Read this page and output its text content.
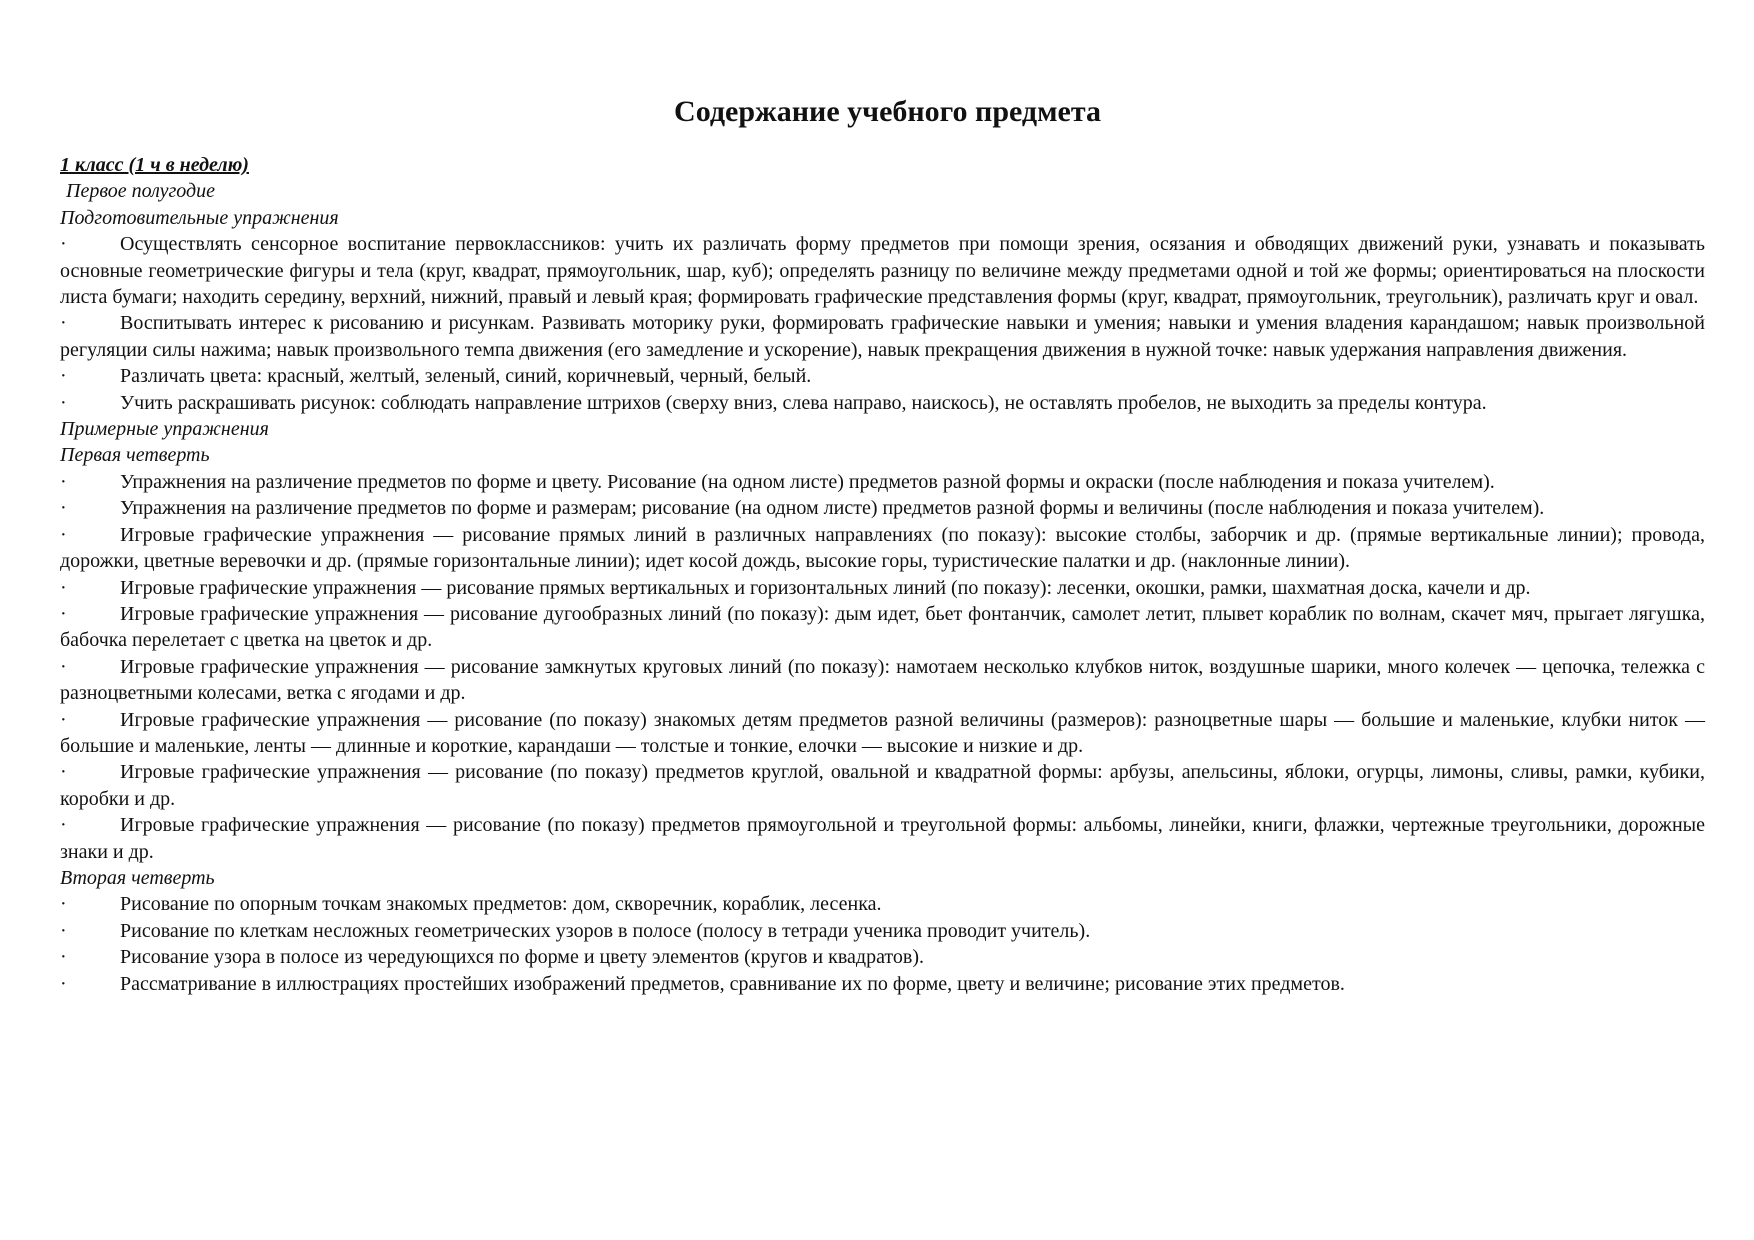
Содержание учебного предмета

1 класс (1 ч в неделю)

Первое полугодие

Подготовительные упражнения

·	Осуществлять сенсорное воспитание первоклассников: учить их различать форму предметов при помощи зрения, осязания и обводящих движений руки, узнавать и показывать основные геометрические фигуры и тела (круг, квадрат, прямоугольник, шар, куб); определять разницу по величине между предметами одной и той же формы; ориентироваться на плоскости листа бумаги; находить середину, верхний, нижний, правый и левый края; формировать графические представления формы (круг, квадрат, прямоугольник, треугольник), различать круг и овал.

·	Воспитывать интерес к рисованию и рисункам. Развивать моторику руки, формировать графические навыки и умения; навыки и умения владения карандашом; навык произвольной регуляции силы нажима; навык произвольного темпа движения (его замедление и ускорение), навык прекращения движения в нужной точке: навык удержания направления движения.

·	Различать цвета: красный, желтый, зеленый, синий, коричневый, черный, белый.

·	Учить раскрашивать рисунок: соблюдать направление штрихов (сверху вниз, слева направо, наискось), не оставлять пробелов, не выходить за пределы контура.

Примерные упражнения

Первая четверть

·	Упражнения на различение предметов по форме и цвету. Рисование (на одном листе) предметов разной формы и окраски (после наблюдения и показа учителем).

·	Упражнения на различение предметов по форме и размерам; рисование (на одном листе) предметов разной формы и величины (после наблюдения и показа учителем).

·	Игровые графические упражнения — рисование прямых линий в различных направлениях (по показу): высокие столбы, заборчик и др. (прямые вертикальные линии); провода, дорожки, цветные веревочки и др. (прямые горизонтальные линии); идет косой дождь, высокие горы, туристические палатки и др. (наклонные линии).

·	Игровые графические упражнения — рисование прямых вертикальных и горизонтальных линий (по показу): лесенки, окошки, рамки, шахматная доска, качели и др.

·	Игровые графические упражнения — рисование дугообразных линий (по показу): дым идет, бьет фонтанчик, самолет летит, плывет кораблик по волнам, скачет мяч, прыгает лягушка, бабочка перелетает с цветка на цветок и др.

·	Игровые графические упражнения — рисование замкнутых круговых линий (по показу): намотаем несколько клубков ниток, воздушные шарики, много колечек — цепочка, тележка с разноцветными колесами, ветка с ягодами и др.

·	Игровые графические упражнения — рисование (по показу) знакомых детям предметов разной величины (размеров): разноцветные шары — большие и маленькие, клубки ниток — большие и маленькие, ленты — длинные и короткие, карандаши — толстые и тонкие, елочки — высокие и низкие и др.

·	Игровые графические упражнения — рисование (по показу) предметов круглой, овальной и квадратной формы: арбузы, апельсины, яблоки, огурцы, лимоны, сливы, рамки, кубики, коробки и др.

·	Игровые графические упражнения — рисование (по показу) предметов прямоугольной и треугольной формы: альбомы, линейки, книги, флажки, чертежные треугольники, дорожные знаки и др.

Вторая четверть

·	Рисование по опорным точкам знакомых предметов: дом, скворечник, кораблик, лесенка.

·	Рисование по клеткам несложных геометрических узоров в полосе (полосу в тетради ученика проводит учитель).

·	Рисование узора в полосе из чередующихся по форме и цвету элементов (кругов и квадратов).

·	Рассматривание в иллюстрациях простейших изображений предметов, сравнивание их по форме, цвету и величине; рисование этих предметов.
